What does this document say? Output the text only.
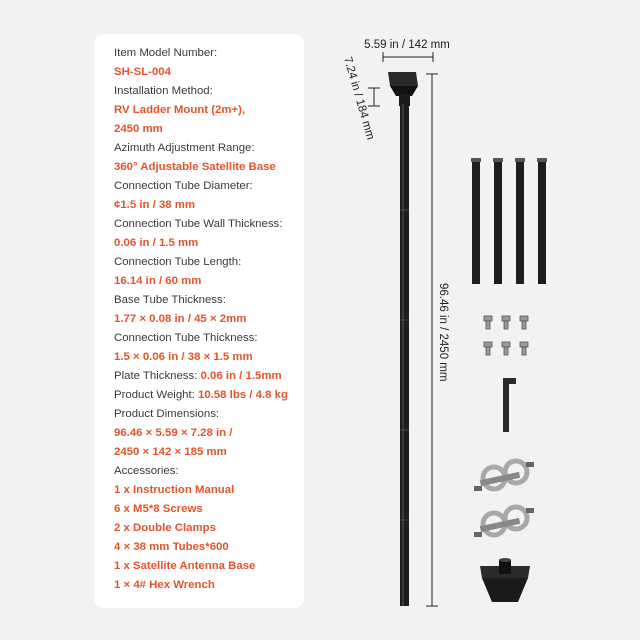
Item Model Number:
SH-SL-004
Installation Method:
RV Ladder Mount (2m+),
2450 mm
Azimuth Adjustment Range:
360° Adjustable Satellite Base
Connection Tube Diameter:
¢1.5 in / 38 mm
Connection Tube Wall Thickness:
0.06 in / 1.5 mm
Connection Tube Length:
16.14 in / 60 mm
Base Tube Thickness:
1.77 × 0.08 in / 45 × 2mm
Connection Tube Thickness:
1.5 × 0.06 in / 38 × 1.5 mm
Plate Thickness: 0.06 in / 1.5mm
Product Weight: 10.58 lbs / 4.8 kg
Product Dimensions:
96.46 × 5.59 × 7.28 in /
2450 × 142 × 185 mm
Accessories:
1 x Instruction Manual
6 x M5*8 Screws
2 x Double Clamps
4 × 38 mm Tubes*600
1 x Satellite Antenna Base
1 × 4# Hex Wrench
5.59 in / 142 mm
7.24 in / 184 mm
96.46 in / 2450 mm
